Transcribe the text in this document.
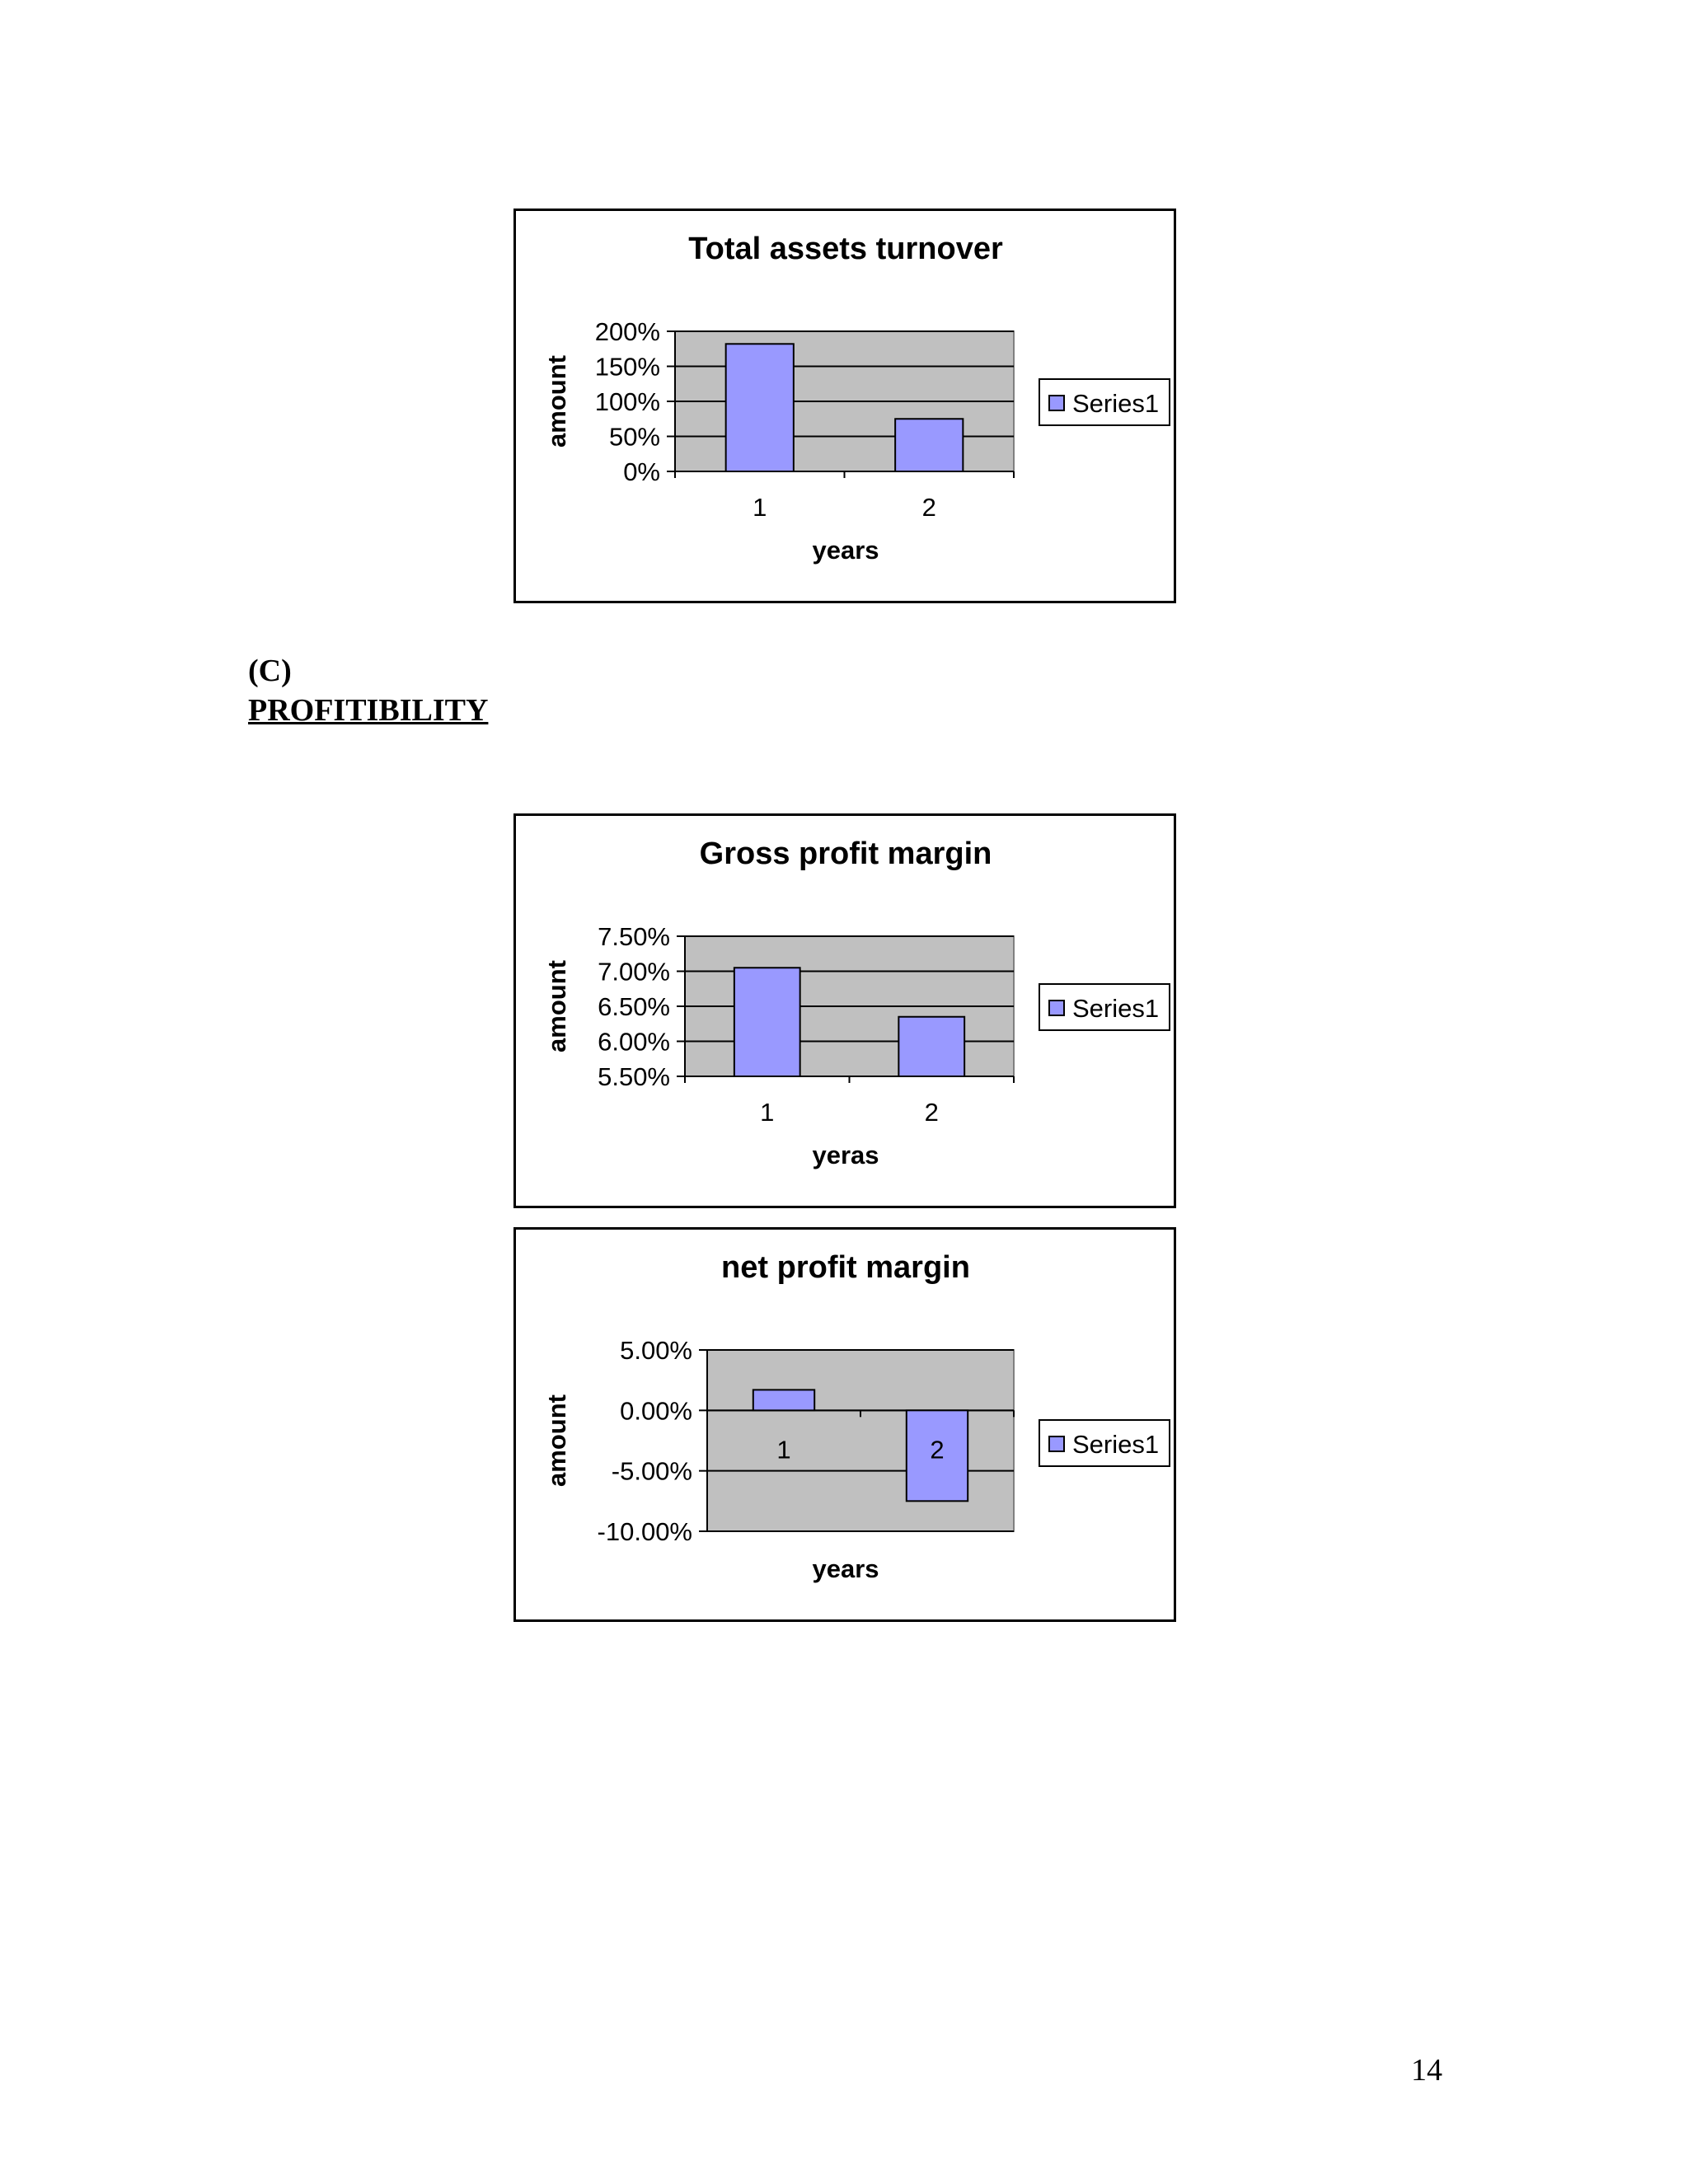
Total assets turnover
0%
50%
100%
150%
200%
1	2
years
amount	Series1
(C)
PROFITIBILITY
Gross profit margin
5.50%
6.00%
6.50%
7.00%
7.50%
1	2
yeras
amount	Series1
net profit margin
-10.00%
-5.00%
0.00%
5.00%
1	2
years
amount	Series1
14
